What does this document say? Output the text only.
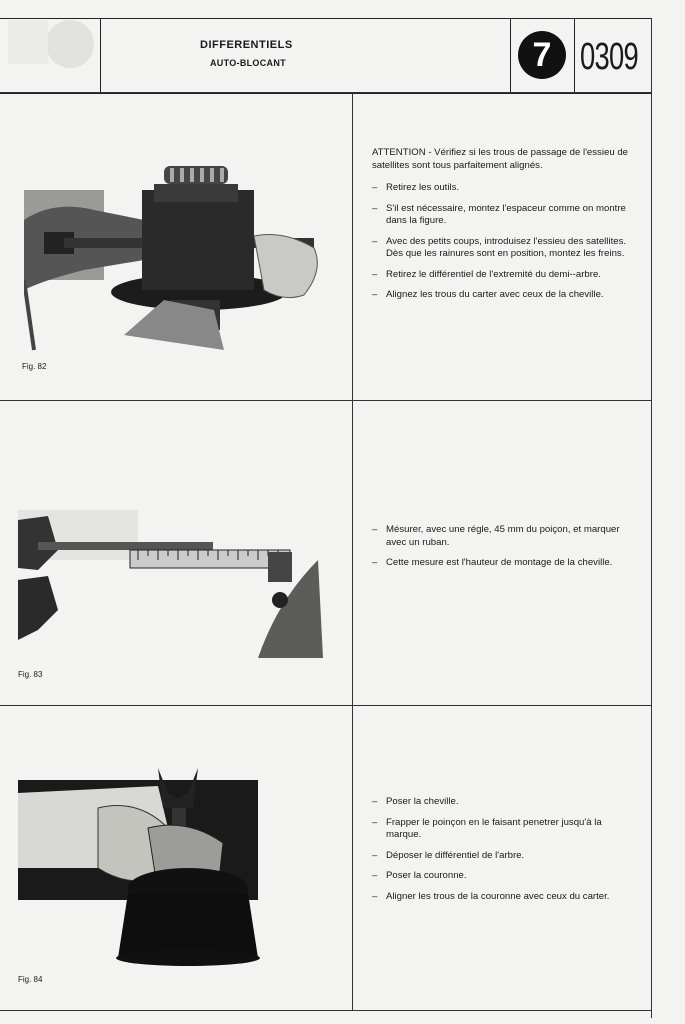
DIFFERENTIELS
AUTO-BLOCANT	7 0309
Fig. 82

ATTENTION - Vérifiez si les trous de passage de l'essieu de satellites sont tous parfaitement alignés.

– Retirez les outils.
– S'il est nécessaire, montez l'espaceur comme on montre dans la figure.
– Avec des petits coups, introduisez l'essieu des satellites. Dès que les rainures sont en position, montez les freins.
– Retirez le différentiel de l'extremité du demi--arbre.
– Alignez les trous du carter avec ceux de la cheville.
Fig. 83
– Mésurer, avec une régle, 45 mm du poiçon, et marquer avec un ruban.
– Cette mesure est l'hauteur de montage de la cheville.
Fig. 84
– Poser la cheville.
– Frapper le poinçon en le faisant penetrer jusqu'à la marque.
– Déposer le différentiel de l'arbre.
– Poser la couronne.
– Aligner les trous de la couronne avec ceux du carter.
